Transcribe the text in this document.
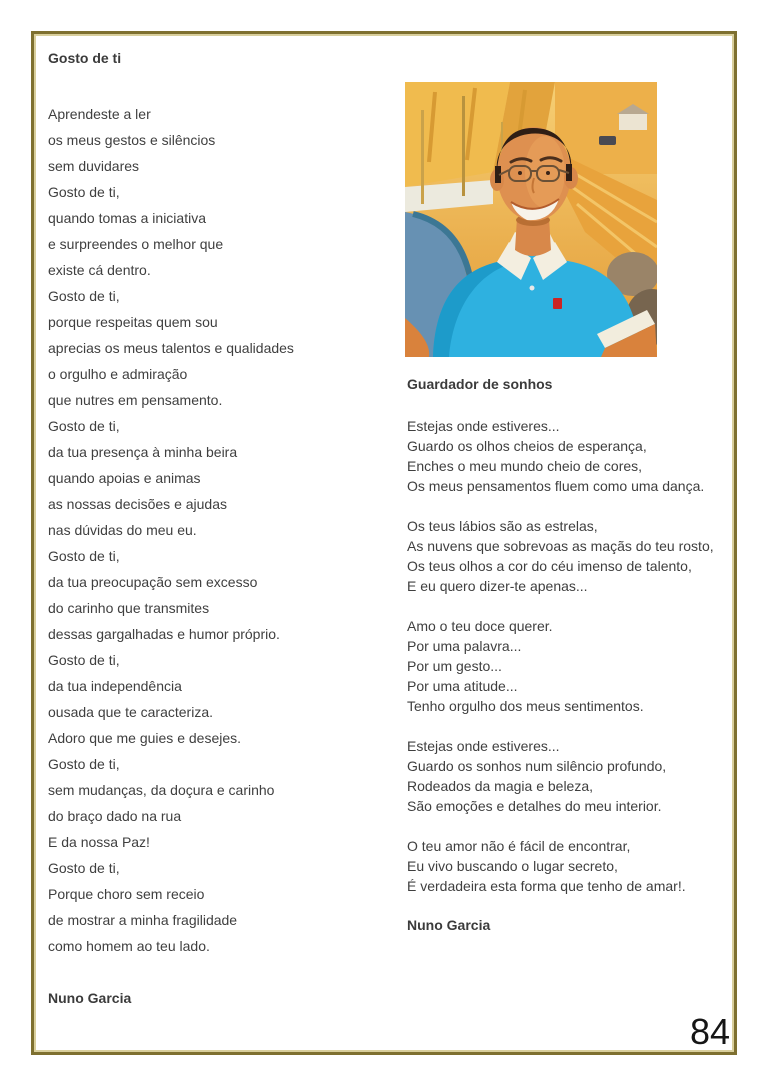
Gosto de ti

Aprendeste a ler

os meus gestos e silêncios

sem duvidares

Gosto de ti,

quando tomas a iniciativa

e surpreendes o melhor que

existe cá dentro.

Gosto de ti,

porque respeitas quem sou

aprecias os meus talentos e qualidades

o orgulho e admiração

que nutres em pensamento.

Gosto de ti,

da tua presença à minha beira

quando apoias e animas

as nossas decisões e ajudas

nas dúvidas do meu eu.

Gosto de ti,

da tua preocupação sem excesso

do carinho que transmites

dessas gargalhadas e humor próprio.

Gosto de ti,

da tua independência

ousada que te caracteriza.

Adoro que me guies e desejes.

Gosto de ti,

sem mudanças, da doçura e carinho

do braço dado na rua

E da nossa Paz!

Gosto de ti,

Porque choro sem receio

de mostrar a minha fragilidade

como homem ao teu lado.

Nuno Garcia

Guardador de sonhos

Estejas onde estiveres...

Guardo os olhos cheios de esperança,

Enches o meu mundo cheio de cores,

Os meus pensamentos fluem como uma dança.

Os teus lábios são as estrelas,

As nuvens que sobrevoas as maçãs do teu rosto,

Os teus olhos a cor do céu imenso de talento,

E eu quero dizer-te apenas...

Amo o teu doce querer.

Por uma palavra...

Por um gesto...

Por uma atitude...

Tenho orgulho dos meus sentimentos.

Estejas onde estiveres...

Guardo os sonhos num silêncio profundo,

Rodeados da magia e beleza,

São emoções e detalhes do meu interior.

O teu amor não é fácil de encontrar,

Eu vivo buscando o lugar secreto,

É verdadeira esta forma que tenho de amar!.

Nuno Garcia

84
